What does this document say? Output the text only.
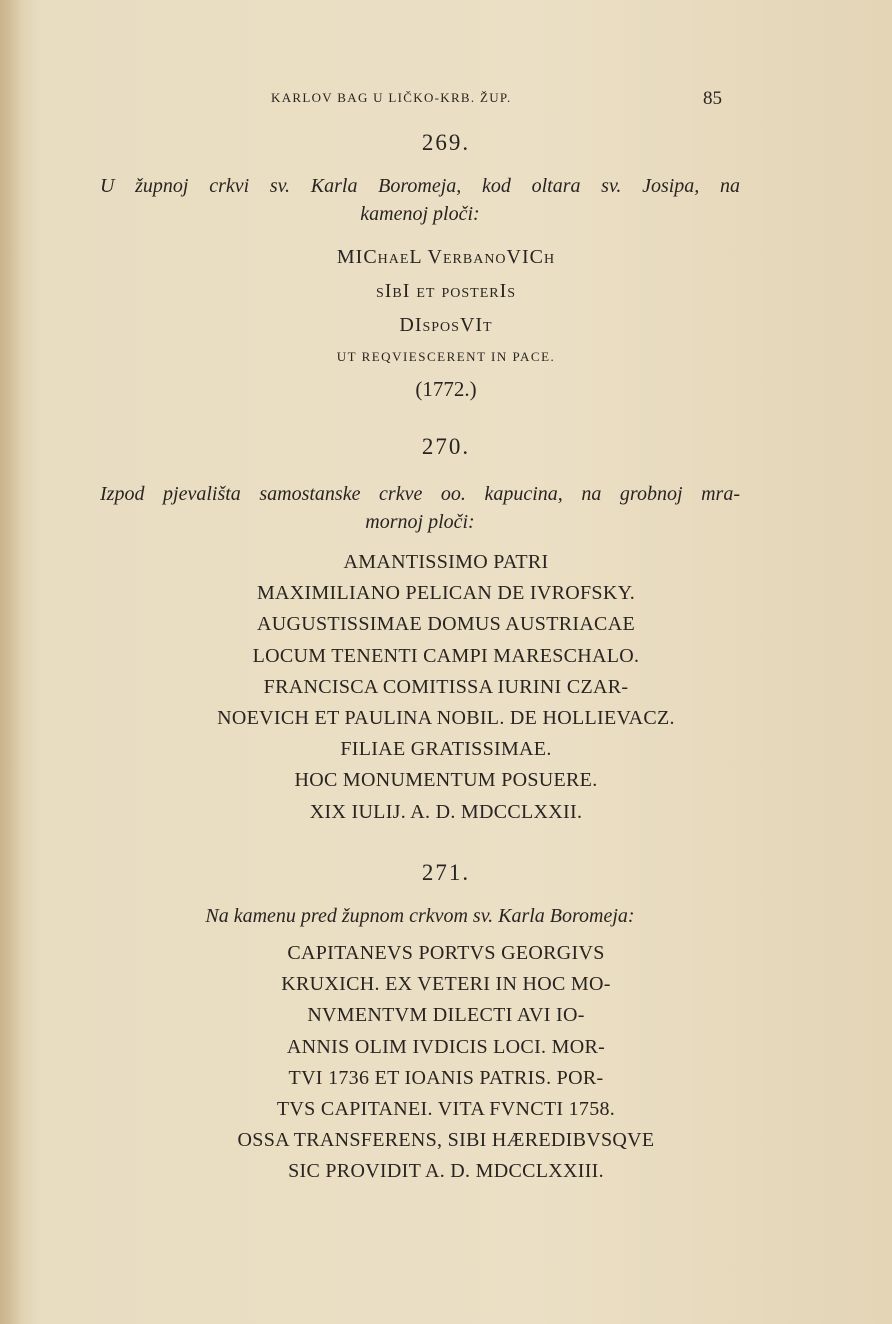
KARLOV BAG U LIČKO-KRB. ŽUP.	85
269.

U župnoj crkvi sv. Karla Boromeja, kod oltara sv. Josipa, na
kamenoj ploči:

MIChaeL VerbanoVICh
sIbI et posterIs
DIsposVIt
UT REQVIESCERENT IN PACE.
(1772.)
270.

Izpod pjevališta samostanske crkve oo. kapucina, na grobnoj mra-
mornoj ploči:

AMANTISSIMO PATRI
MAXIMILIANO PELICAN DE IVROFSKY.
AUGUSTISSIMAE DOMUS AUSTRIACAE
LOCUM TENENTI CAMPI MARESCHALO.
FRANCISCA COMITISSA IURINI CZAR-
NOEVICH ET PAULINA NOBIL. DE HOLLIEVACZ.
FILIAE GRATISSIMAE.
HOC MONUMENTUM POSUERE.
XIX IULIJ. A. D. MDCCLXXII.
271.

Na kamenu pred župnom crkvom sv. Karla Boromeja:

CAPITANEVS PORTVS GEORGIVS
KRUXICH. EX VETERI IN HOC MO-
NVMENTVM DILECTI AVI IO-
ANNIS OLIM IVDICIS LOCI. MOR-
TVI 1736 ET IOANIS PATRIS. POR-
TVS CAPITANEI. VITA FVNCTI 1758.
OSSA TRANSFERENS, SIBI HÆREDIBVSQVE
SIC PROVIDIT A. D. MDCCLXXIII.
